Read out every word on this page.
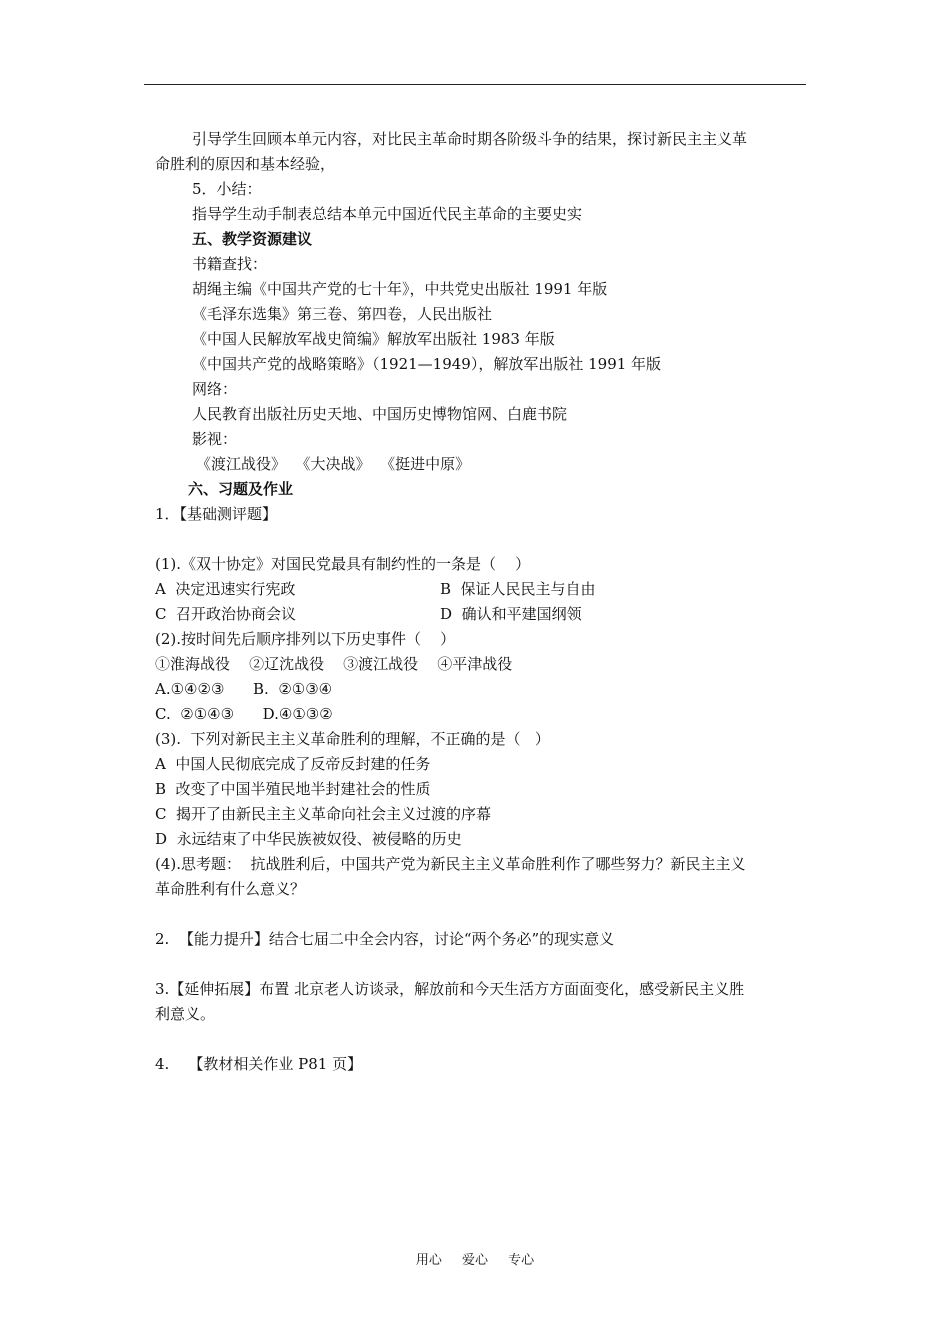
引导学生回顾本单元内容，对比民主革命时期各阶级斗争的结果，探讨新民主主义革
命胜利的原因和基本经验，
5．小结：
指导学生动手制表总结本单元中国近代民主革命的主要史实
五、教学资源建议
书籍查找：
胡绳主编《中国共产党的七十年》，中共党史出版社 1991 年版
《毛泽东选集》第三卷、第四卷，人民出版社
《中国人民解放军战史简编》解放军出版社 1983 年版
《中国共产党的战略策略》（1921—1949），解放军出版社 1991 年版
网络：
人民教育出版社历史天地、中国历史博物馆网、白鹿书院
影视：
《渡江战役》  《大决战》  《挺进中原》
六、习题及作业
1．【基础测评题】
(1).《双十协定》对国民党最具有制约性的一条是（    ）
A  决定迅速实行宪政	B  保证人民民主与自由
C  召开政治协商会议	D  确认和平建国纲领
(2).按时间先后顺序排列以下历史事件（    ）
①淮海战役    ②辽沈战役    ③渡江战役    ④平津战役
A.①④②③      B.  ②①③④
C.  ②①④③      D.④①③②
(3).  下列对新民主主义革命胜利的理解，不正确的是（   ）
A  中国人民彻底完成了反帝反封建的任务
B  改变了中国半殖民地半封建社会的性质
C  揭开了由新民主主义革命向社会主义过渡的序幕
D  永远结束了中华民族被奴役、被侵略的历史
(4).思考题：  抗战胜利后，中国共产党为新民主主义革命胜利作了哪些努力？新民主主义
革命胜利有什么意义？
2.  【能力提升】结合七届二中全会内容，讨论“两个务必”的现实意义
3.【延伸拓展】布置 北京老人访谈录，解放前和今天生活方方面面变化，感受新民主义胜
利意义。
4.    【教材相关作业 P81 页】
用心 爱心 专心
